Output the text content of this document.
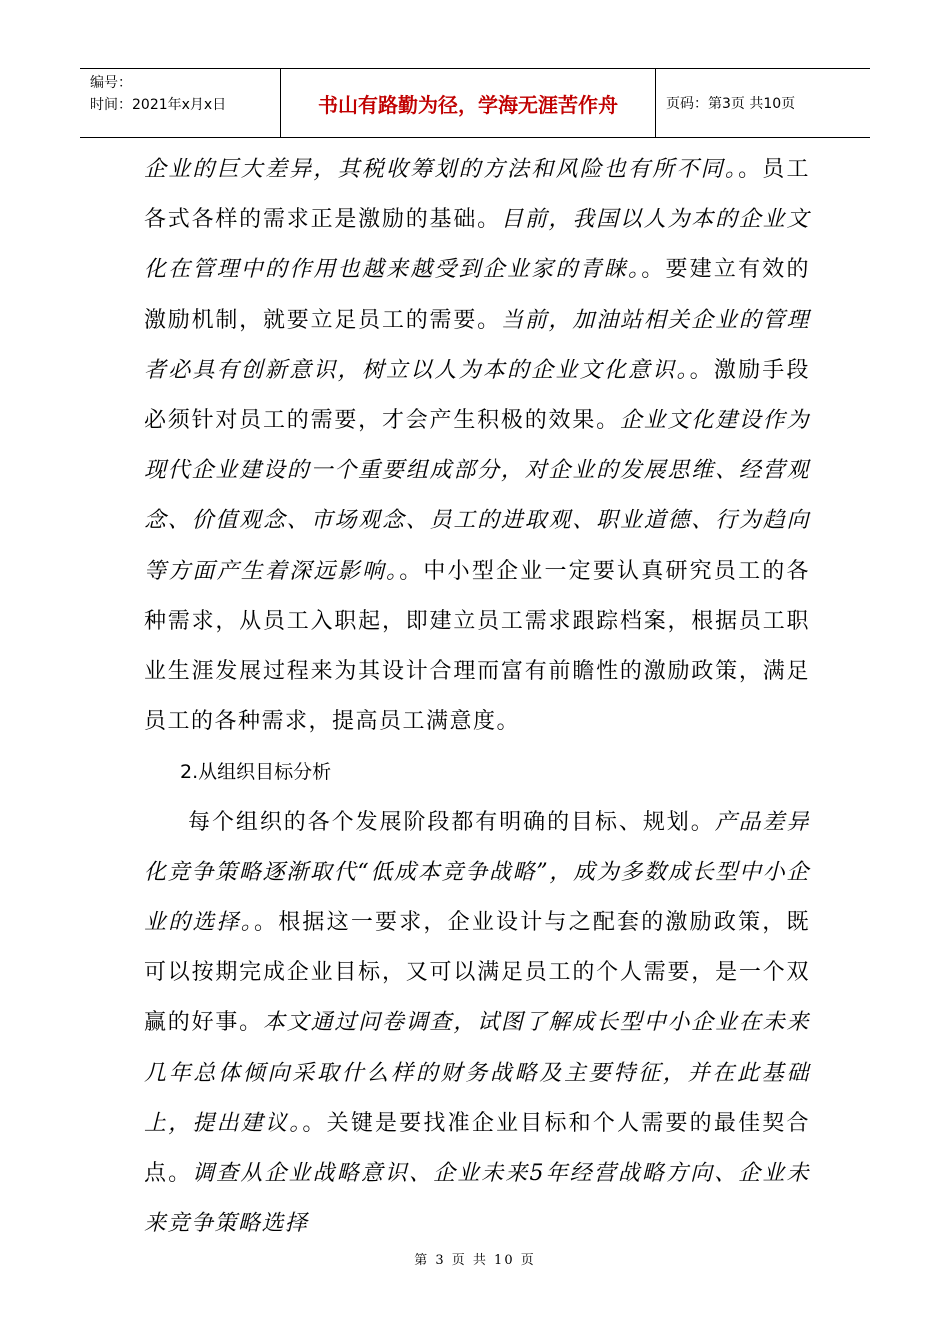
编号：
时间：2021年x月x日	书山有路勤为径，学海无涯苦作舟	页码：第3页 共10页

企业的巨大差异，其税收筹划的方法和风险也有所不同。。员工各式各样的需求正是激励的基础。目前，我国以人为本的企业文化在管理中的作用也越来越受到企业家的青睐。。要建立有效的激励机制，就要立足员工的需要。当前，加油站相关企业的管理者必具有创新意识，树立以人为本的企业文化意识。。激励手段必须针对员工的需要，才会产生积极的效果。企业文化建设作为现代企业建设的一个重要组成部分，对企业的发展思维、经营观念、价值观念、市场观念、员工的进取观、职业道德、行为趋向等方面产生着深远影响。。中小型企业一定要认真研究员工的各种需求，从员工入职起，即建立员工需求跟踪档案，根据员工职业生涯发展过程来为其设计合理而富有前瞻性的激励政策，满足员工的各种需求，提高员工满意度。

2.从组织目标分析

每个组织的各个发展阶段都有明确的目标、规划。产品差异化竞争策略逐渐取代“低成本竞争战略”，成为多数成长型中小企业的选择。。根据这一要求，企业设计与之配套的激励政策，既可以按期完成企业目标，又可以满足员工的个人需要，是一个双赢的好事。本文通过问卷调查，试图了解成长型中小企业在未来几年总体倾向采取什么样的财务战略及主要特征，并在此基础上，提出建议。。关键是要找准企业目标和个人需要的最佳契合点。调查从企业战略意识、企业未来5年经营战略方向、企业未来竞争策略选择

第 3 页 共 10 页
